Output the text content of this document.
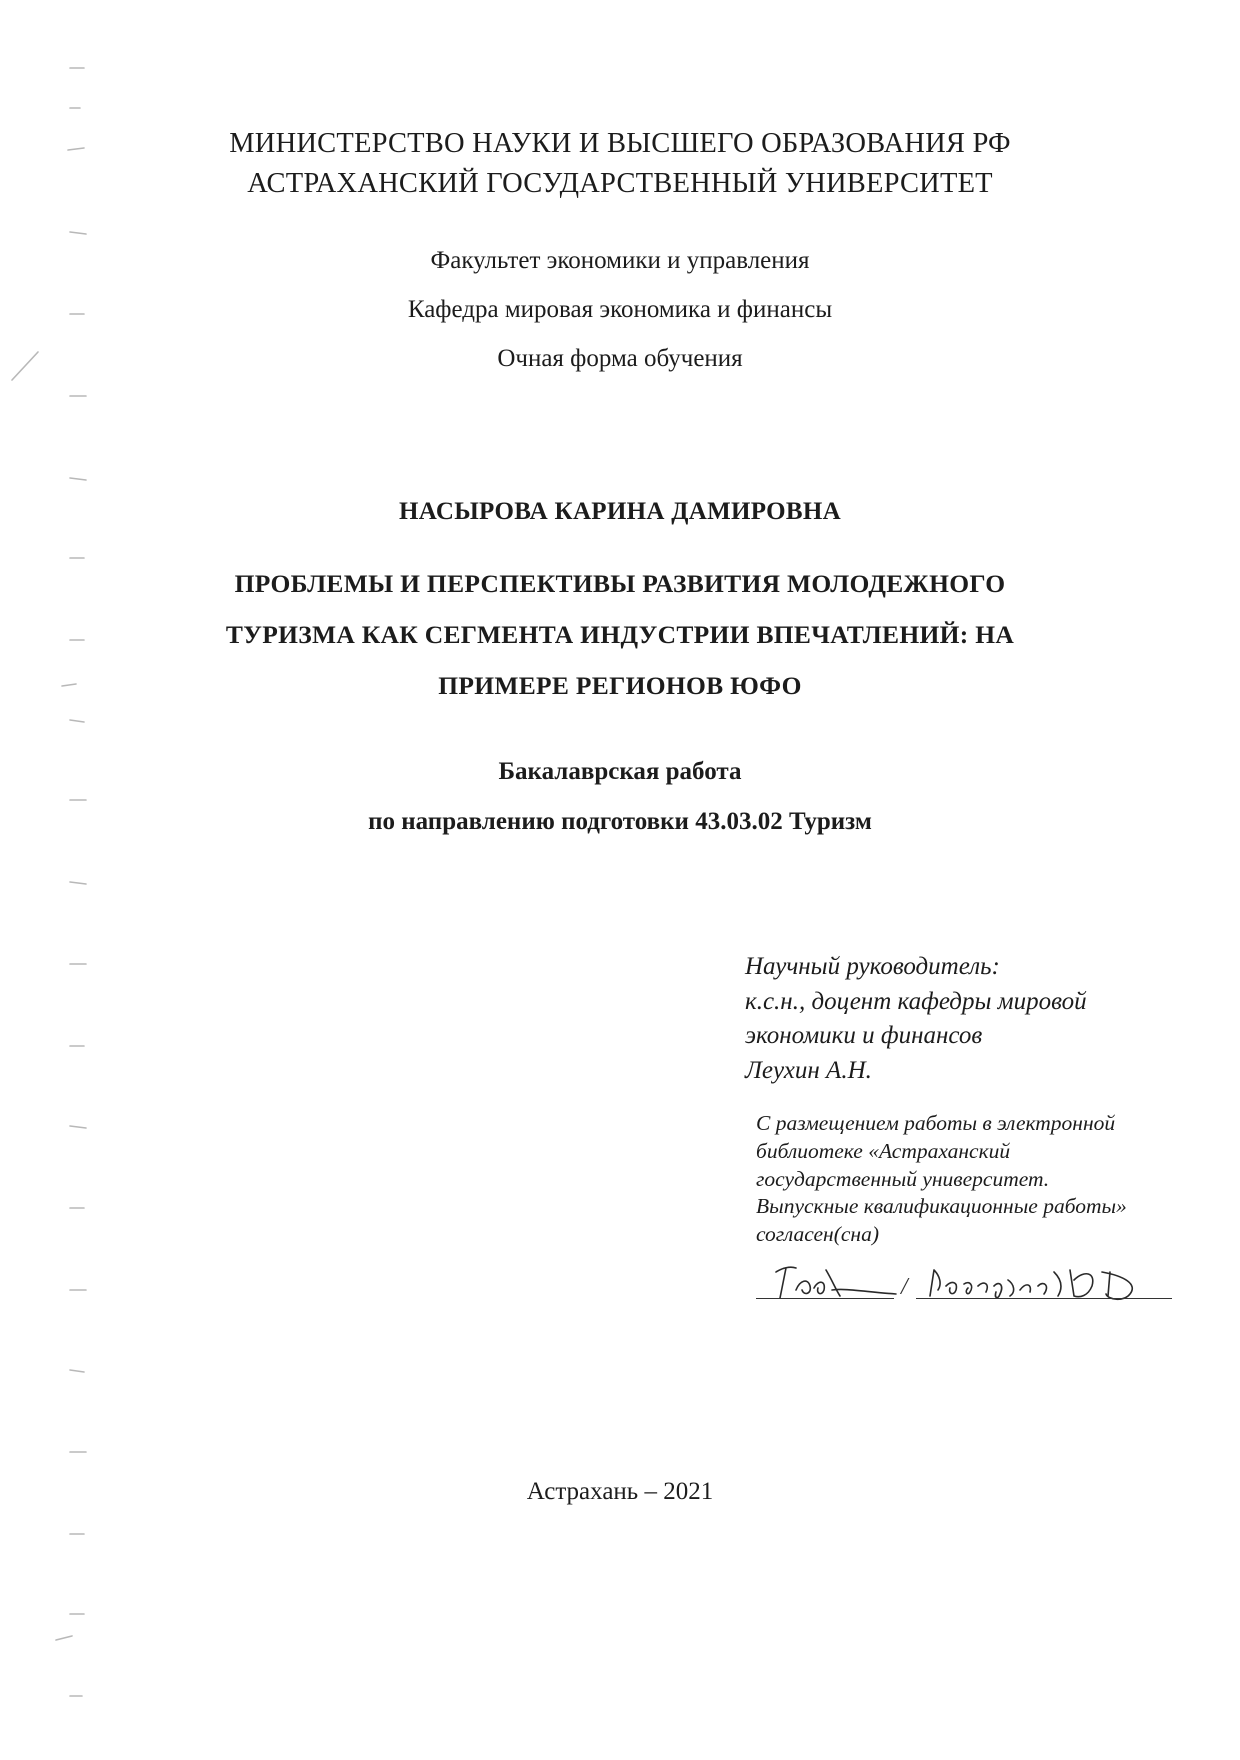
МИНИСТЕРСТВО НАУКИ И ВЫСШЕГО ОБРАЗОВАНИЯ РФ
АСТРАХАНСКИЙ ГОСУДАРСТВЕННЫЙ УНИВЕРСИТЕТ
Факультет экономики и управления
Кафедра мировая экономика и финансы
Очная форма обучения
НАСЫРОВА КАРИНА ДАМИРОВНА
ПРОБЛЕМЫ И ПЕРСПЕКТИВЫ РАЗВИТИЯ МОЛОДЕЖНОГО
ТУРИЗМА КАК СЕГМЕНТА ИНДУСТРИИ ВПЕЧАТЛЕНИЙ: НА
ПРИМЕРЕ РЕГИОНОВ ЮФО
Бакалаврская работа
по направлению подготовки 43.03.02 Туризм
Научный руководитель:
к.с.н., доцент кафедры мировой
экономики и финансов
Леухин А.Н.
С размещением работы в электронной
библиотеке «Астраханский
государственный университет.
Выпускные квалификационные работы»
согласен(сна)
/
Астрахань – 2021
